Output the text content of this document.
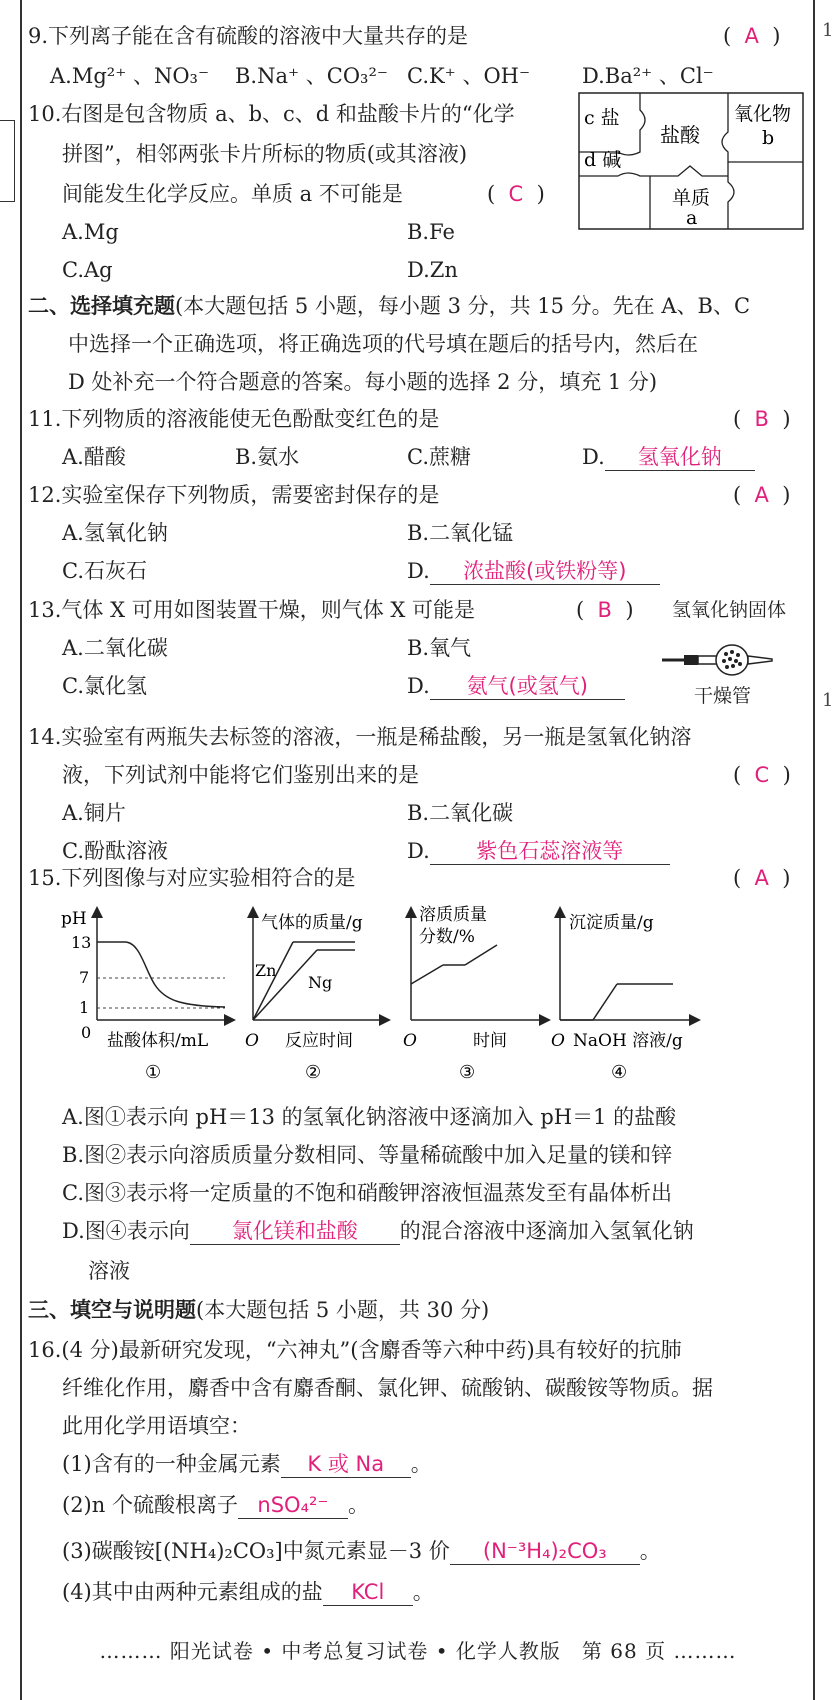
1
1
9.下列离子能在含有硫酸的溶液中大量共存的是	(  A  )
A.Mg²⁺ 、NO₃⁻ B.Na⁺ 、CO₃²⁻ C.K⁺ 、OH⁻ D.Ba²⁺ 、Cl⁻
10.右图是包含物质 a、b、c、d 和盐酸卡片的“化学
拼图”，相邻两张卡片所标的物质(或其溶液)
间能发生化学反应。单质 a 不可能是	(  C  )
A.Mg	B.Fe
C.Ag	D.Zn
c 盐
d 碱
盐酸
氧化物
b
单质
a
二、选择填充题(本大题包括 5 小题，每小题 3 分，共 15 分。先在 A、B、C
中选择一个正确选项，将正确选项的代号填在题后的括号内，然后在
D 处补充一个符合题意的答案。每小题的选择 2 分，填充 1 分)
11.下列物质的溶液能使无色酚酞变红色的是	(  B  )
A.醋酸	B.氨水	C.蔗糖	D. 氢氧化钠
12.实验室保存下列物质，需要密封保存的是	(  A  )
A.氢氧化钠	B.二氧化锰
C.石灰石	D. 浓盐酸(或铁粉等)
13.气体 X 可用如图装置干燥，则气体 X 可能是	(  B  ) 氢氧化钠固体
A.二氧化碳	B.氧气
C.氯化氢	D. 氨气(或氢气)	干燥管
14.实验室有两瓶失去标签的溶液，一瓶是稀盐酸，另一瓶是氢氧化钠溶
液，下列试剂中能将它们鉴别出来的是	(  C  )
A.铜片	B.二氧化碳
C.酚酞溶液	D. 紫色石蕊溶液等
15.下列图像与对应实验相符合的是	(  A  )
pH
13
7
1
0 盐酸体积/mL
①
气体的质量/g
Zn
Ng
O 反应时间
②
溶质质量
分数/%
O	时间
③
沉淀质量/g
O NaOH 溶液/g
④
A.图①表示向 pH＝13 的氢氧化钠溶液中逐滴加入 pH＝1 的盐酸
B.图②表示向溶质质量分数相同、等量稀硫酸中加入足量的镁和锌
C.图③表示将一定质量的不饱和硝酸钾溶液恒温蒸发至有晶体析出
D.图④表示向 氯化镁和盐酸 的混合溶液中逐滴加入氢氧化钠
溶液
三、填空与说明题(本大题包括 5 小题，共 30 分)
16.(4 分)最新研究发现，“六神丸”(含麝香等六种中药)具有较好的抗肺
纤维化作用，麝香中含有麝香酮、氯化钾、硫酸钠、碳酸铵等物质。据
此用化学用语填空：
(1)含有的一种金属元素 K 或 Na 。
(2)n 个硫酸根离子 nSO₄²⁻ 。
(3)碳酸铵[(NH₄)₂CO₃]中氮元素显－3 价 (N⁻³H₄)₂CO₃ 。
(4)其中由两种元素组成的盐 KCl 。
……… 阳光试卷 • 中考总复习试卷 • 化学人教版　第 68 页 ………
